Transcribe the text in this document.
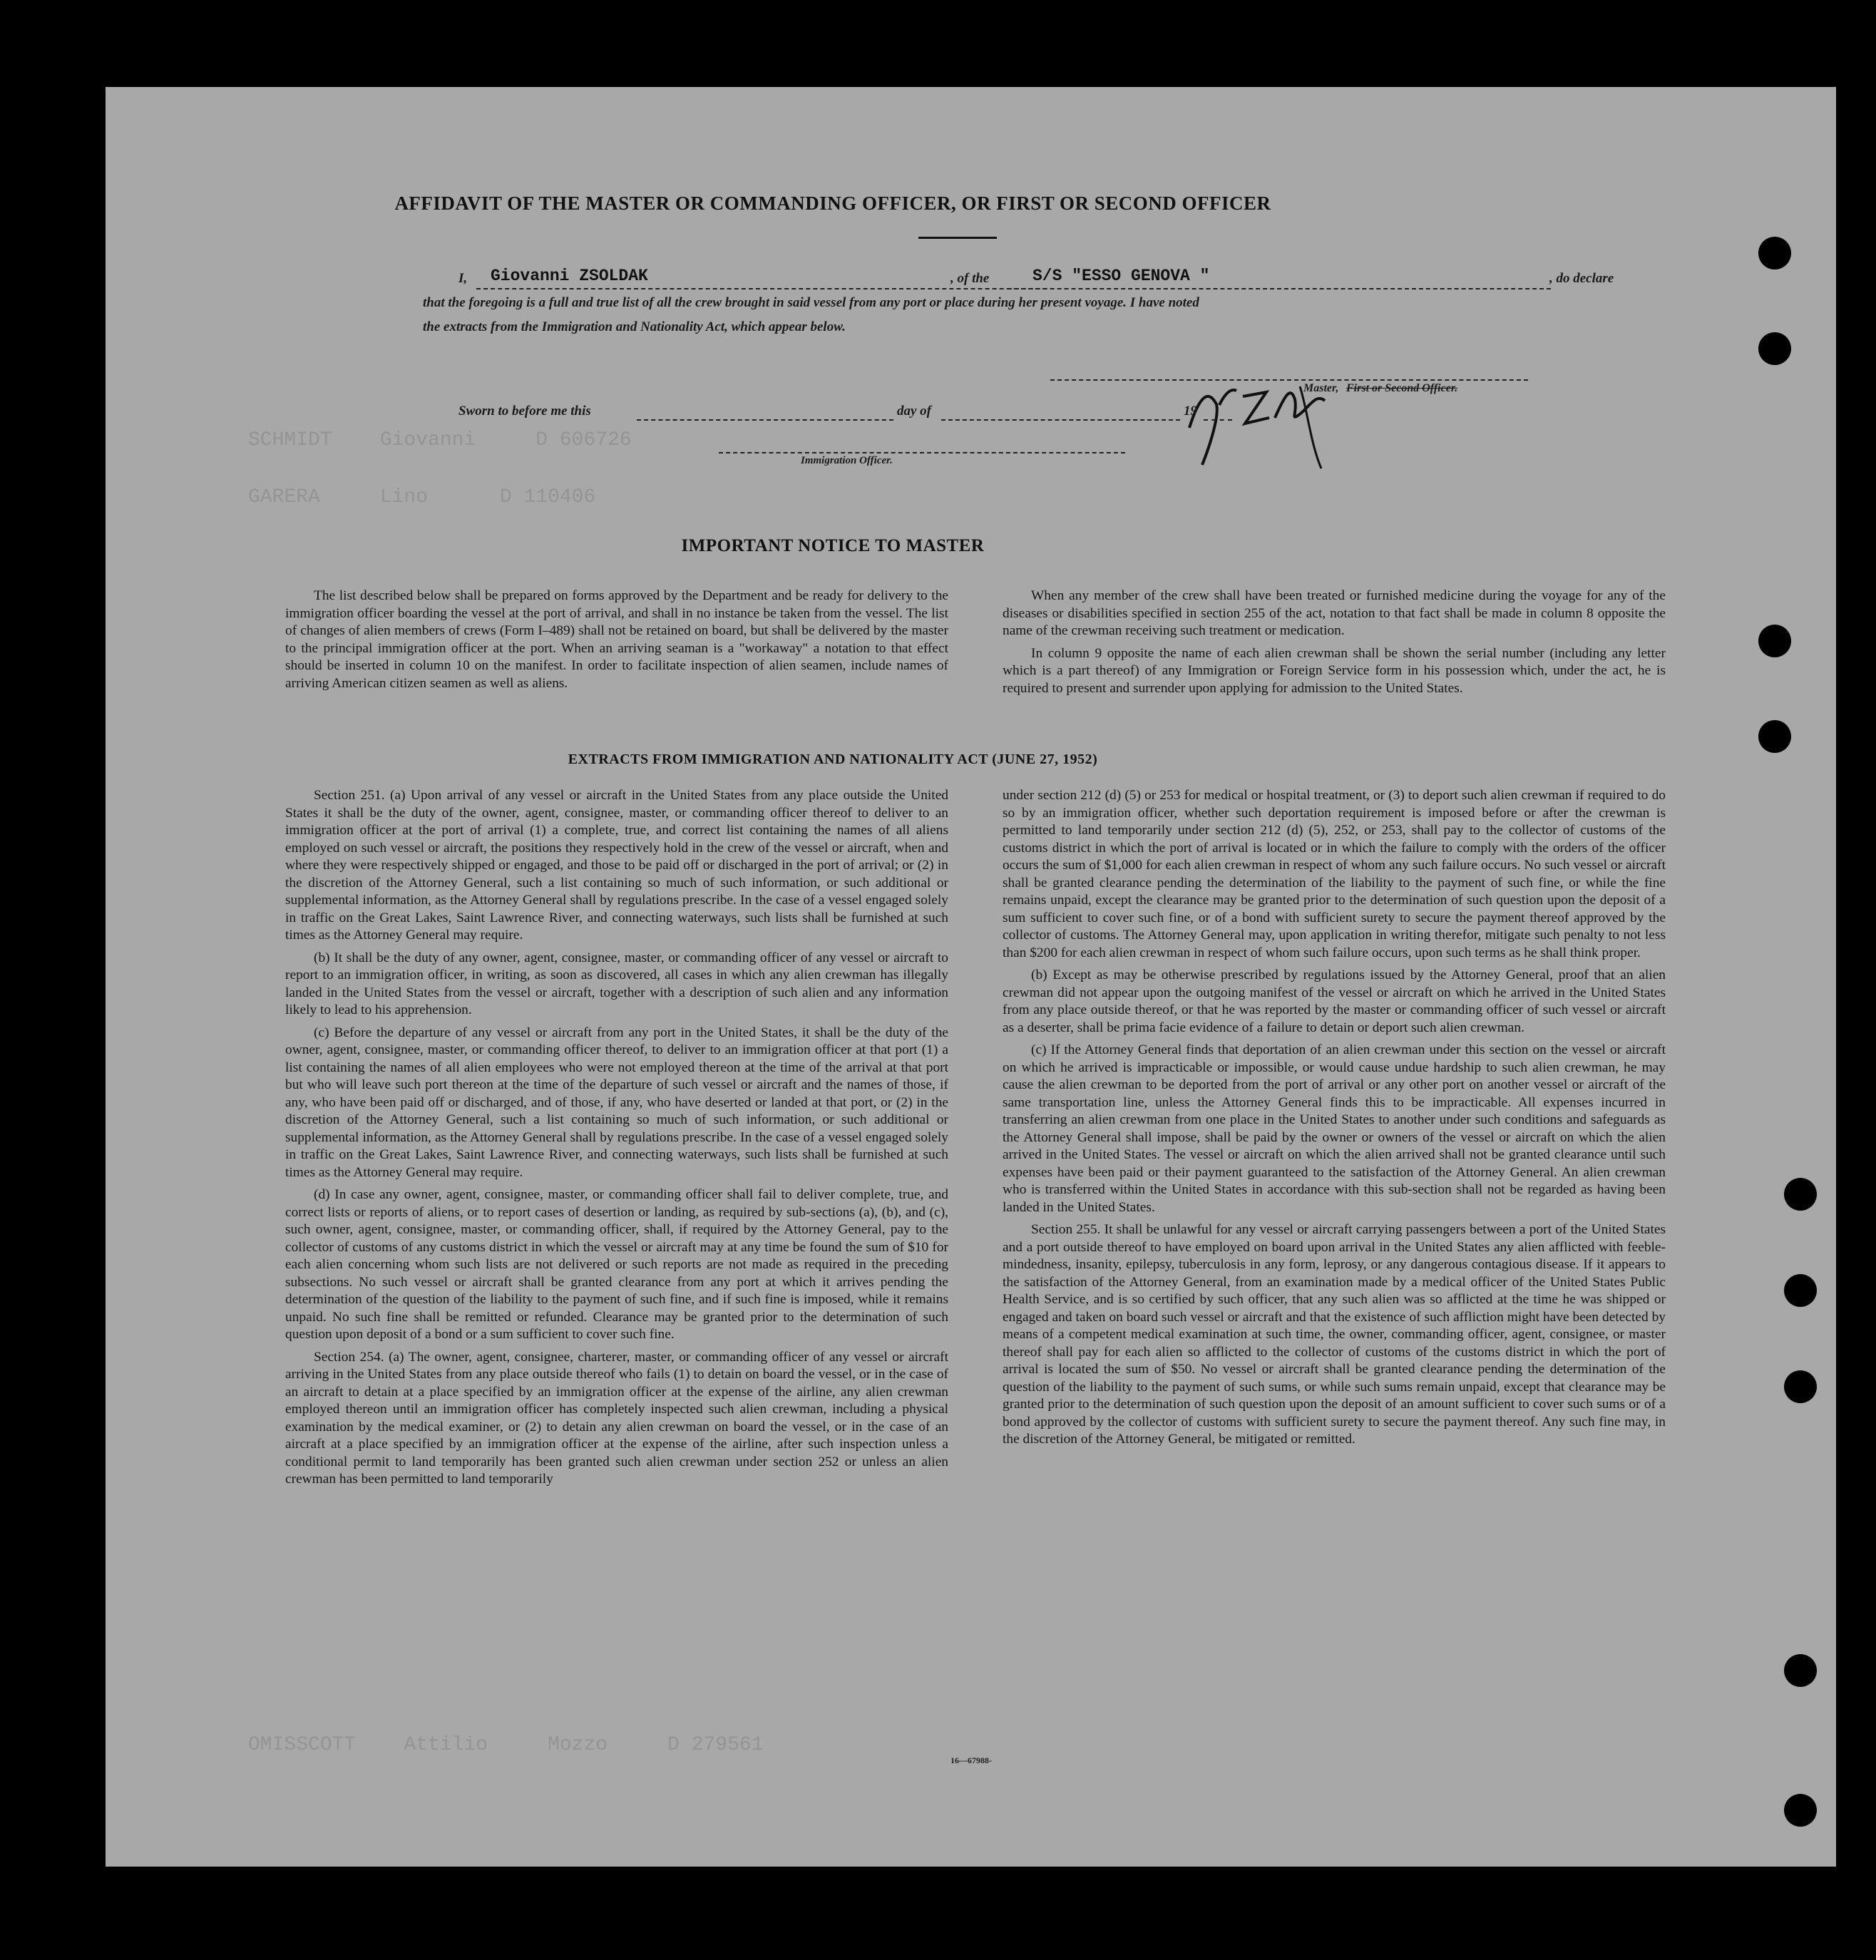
SCHMIDT    Giovanni     D 606726
GARERA     Lino      D 110406
OMISSCOTT    Attilio     Mozzo     D 279561
AFFIDAVIT OF THE MASTER OR COMMANDING OFFICER, OR FIRST OR SECOND OFFICER
I, Giovanni ZSOLDAK	, of the	S/S "ESSO GENOVA "	, do declare
that the foregoing is a full and true list of all the crew brought in said vessel from any port or place during her present voyage. I have noted
the extracts from the Immigration and Nationality Act, which appear below.
Master, First or Second Officer.
Sworn to before me this	day of	19
Immigration Officer.
IMPORTANT NOTICE TO MASTER

The list described below shall be prepared on forms approved by the Department and be ready for delivery to the immigration officer boarding the vessel at the port of arrival, and shall in no instance be taken from the vessel. The list of changes of alien members of crews (Form I–489) shall not be retained on board, but shall be delivered by the master to the principal immigration officer at the port. When an arriving seaman is a "workaway" a notation to that effect should be inserted in column 10 on the manifest. In order to facilitate inspection of alien seamen, include names of arriving American citizen seamen as well as aliens.

When any member of the crew shall have been treated or furnished medicine during the voyage for any of the diseases or disabilities specified in section 255 of the act, notation to that fact shall be made in column 8 opposite the name of the crewman receiving such treatment or medication.

In column 9 opposite the name of each alien crewman shall be shown the serial number (including any letter which is a part thereof) of any Immigration or Foreign Service form in his possession which, under the act, he is required to present and surrender upon applying for admission to the United States.

EXTRACTS FROM IMMIGRATION AND NATIONALITY ACT (JUNE 27, 1952)

Section 251. (a) Upon arrival of any vessel or aircraft in the United States from any place outside the United States it shall be the duty of the owner, agent, consignee, master, or commanding officer thereof to deliver to an immigration officer at the port of arrival (1) a complete, true, and correct list containing the names of all aliens employed on such vessel or aircraft, the positions they respectively hold in the crew of the vessel or aircraft, when and where they were respectively shipped or engaged, and those to be paid off or discharged in the port of arrival; or (2) in the discretion of the Attorney General, such a list containing so much of such information, or such additional or supplemental information, as the Attorney General shall by regulations prescribe. In the case of a vessel engaged solely in traffic on the Great Lakes, Saint Lawrence River, and connecting waterways, such lists shall be furnished at such times as the Attorney General may require.

(b) It shall be the duty of any owner, agent, consignee, master, or commanding officer of any vessel or aircraft to report to an immigration officer, in writing, as soon as discovered, all cases in which any alien crewman has illegally landed in the United States from the vessel or aircraft, together with a description of such alien and any information likely to lead to his apprehension.

(c) Before the departure of any vessel or aircraft from any port in the United States, it shall be the duty of the owner, agent, consignee, master, or commanding officer thereof, to deliver to an immigration officer at that port (1) a list containing the names of all alien employees who were not employed thereon at the time of the arrival at that port but who will leave such port thereon at the time of the departure of such vessel or aircraft and the names of those, if any, who have been paid off or discharged, and of those, if any, who have deserted or landed at that port, or (2) in the discretion of the Attorney General, such a list containing so much of such information, or such additional or supplemental information, as the Attorney General shall by regulations prescribe. In the case of a vessel engaged solely in traffic on the Great Lakes, Saint Lawrence River, and connecting waterways, such lists shall be furnished at such times as the Attorney General may require.

(d) In case any owner, agent, consignee, master, or commanding officer shall fail to deliver complete, true, and correct lists or reports of aliens, or to report cases of desertion or landing, as required by sub-sections (a), (b), and (c), such owner, agent, consignee, master, or commanding officer, shall, if required by the Attorney General, pay to the collector of customs of any customs district in which the vessel or aircraft may at any time be found the sum of $10 for each alien concerning whom such lists are not delivered or such reports are not made as required in the preceding subsections. No such vessel or aircraft shall be granted clearance from any port at which it arrives pending the determination of the question of the liability to the payment of such fine, and if such fine is imposed, while it remains unpaid. No such fine shall be remitted or refunded. Clearance may be granted prior to the determination of such question upon deposit of a bond or a sum sufficient to cover such fine.

Section 254. (a) The owner, agent, consignee, charterer, master, or commanding officer of any vessel or aircraft arriving in the United States from any place outside thereof who fails (1) to detain on board the vessel, or in the case of an aircraft to detain at a place specified by an immigration officer at the expense of the airline, any alien crewman employed thereon until an immigration officer has completely inspected such alien crewman, including a physical examination by the medical examiner, or (2) to detain any alien crewman on board the vessel, or in the case of an aircraft at a place specified by an immigration officer at the expense of the airline, after such inspection unless a conditional permit to land temporarily has been granted such alien crewman under section 252 or unless an alien crewman has been permitted to land temporarily

under section 212 (d) (5) or 253 for medical or hospital treatment, or (3) to deport such alien crewman if required to do so by an immigration officer, whether such deportation requirement is imposed before or after the crewman is permitted to land temporarily under section 212 (d) (5), 252, or 253, shall pay to the collector of customs of the customs district in which the port of arrival is located or in which the failure to comply with the orders of the officer occurs the sum of $1,000 for each alien crewman in respect of whom any such failure occurs. No such vessel or aircraft shall be granted clearance pending the determination of the liability to the payment of such fine, or while the fine remains unpaid, except the clearance may be granted prior to the determination of such question upon the deposit of a sum sufficient to cover such fine, or of a bond with sufficient surety to secure the payment thereof approved by the collector of customs. The Attorney General may, upon application in writing therefor, mitigate such penalty to not less than $200 for each alien crewman in respect of whom such failure occurs, upon such terms as he shall think proper.

(b) Except as may be otherwise prescribed by regulations issued by the Attorney General, proof that an alien crewman did not appear upon the outgoing manifest of the vessel or aircraft on which he arrived in the United States from any place outside thereof, or that he was reported by the master or commanding officer of such vessel or aircraft as a deserter, shall be prima facie evidence of a failure to detain or deport such alien crewman.

(c) If the Attorney General finds that deportation of an alien crewman under this section on the vessel or aircraft on which he arrived is impracticable or impossible, or would cause undue hardship to such alien crewman, he may cause the alien crewman to be deported from the port of arrival or any other port on another vessel or aircraft of the same transportation line, unless the Attorney General finds this to be impracticable. All expenses incurred in transferring an alien crewman from one place in the United States to another under such conditions and safeguards as the Attorney General shall impose, shall be paid by the owner or owners of the vessel or aircraft on which the alien arrived in the United States. The vessel or aircraft on which the alien arrived shall not be granted clearance until such expenses have been paid or their payment guaranteed to the satisfaction of the Attorney General. An alien crewman who is transferred within the United States in accordance with this sub-section shall not be regarded as having been landed in the United States.

Section 255. It shall be unlawful for any vessel or aircraft carrying passengers between a port of the United States and a port outside thereof to have employed on board upon arrival in the United States any alien afflicted with feeble-mindedness, insanity, epilepsy, tuberculosis in any form, leprosy, or any dangerous contagious disease. If it appears to the satisfaction of the Attorney General, from an examination made by a medical officer of the United States Public Health Service, and is so certified by such officer, that any such alien was so afflicted at the time he was shipped or engaged and taken on board such vessel or aircraft and that the existence of such affliction might have been detected by means of a competent medical examination at such time, the owner, commanding officer, agent, consignee, or master thereof shall pay for each alien so afflicted to the collector of customs of the customs district in which the port of arrival is located the sum of $50. No vessel or aircraft shall be granted clearance pending the determination of the question of the liability to the payment of such sums, or while such sums remain unpaid, except that clearance may be granted prior to the determination of such question upon the deposit of an amount sufficient to cover such sums or of a bond approved by the collector of customs with sufficient surety to secure the payment thereof. Any such fine may, in the discretion of the Attorney General, be mitigated or remitted.

16—67988-
